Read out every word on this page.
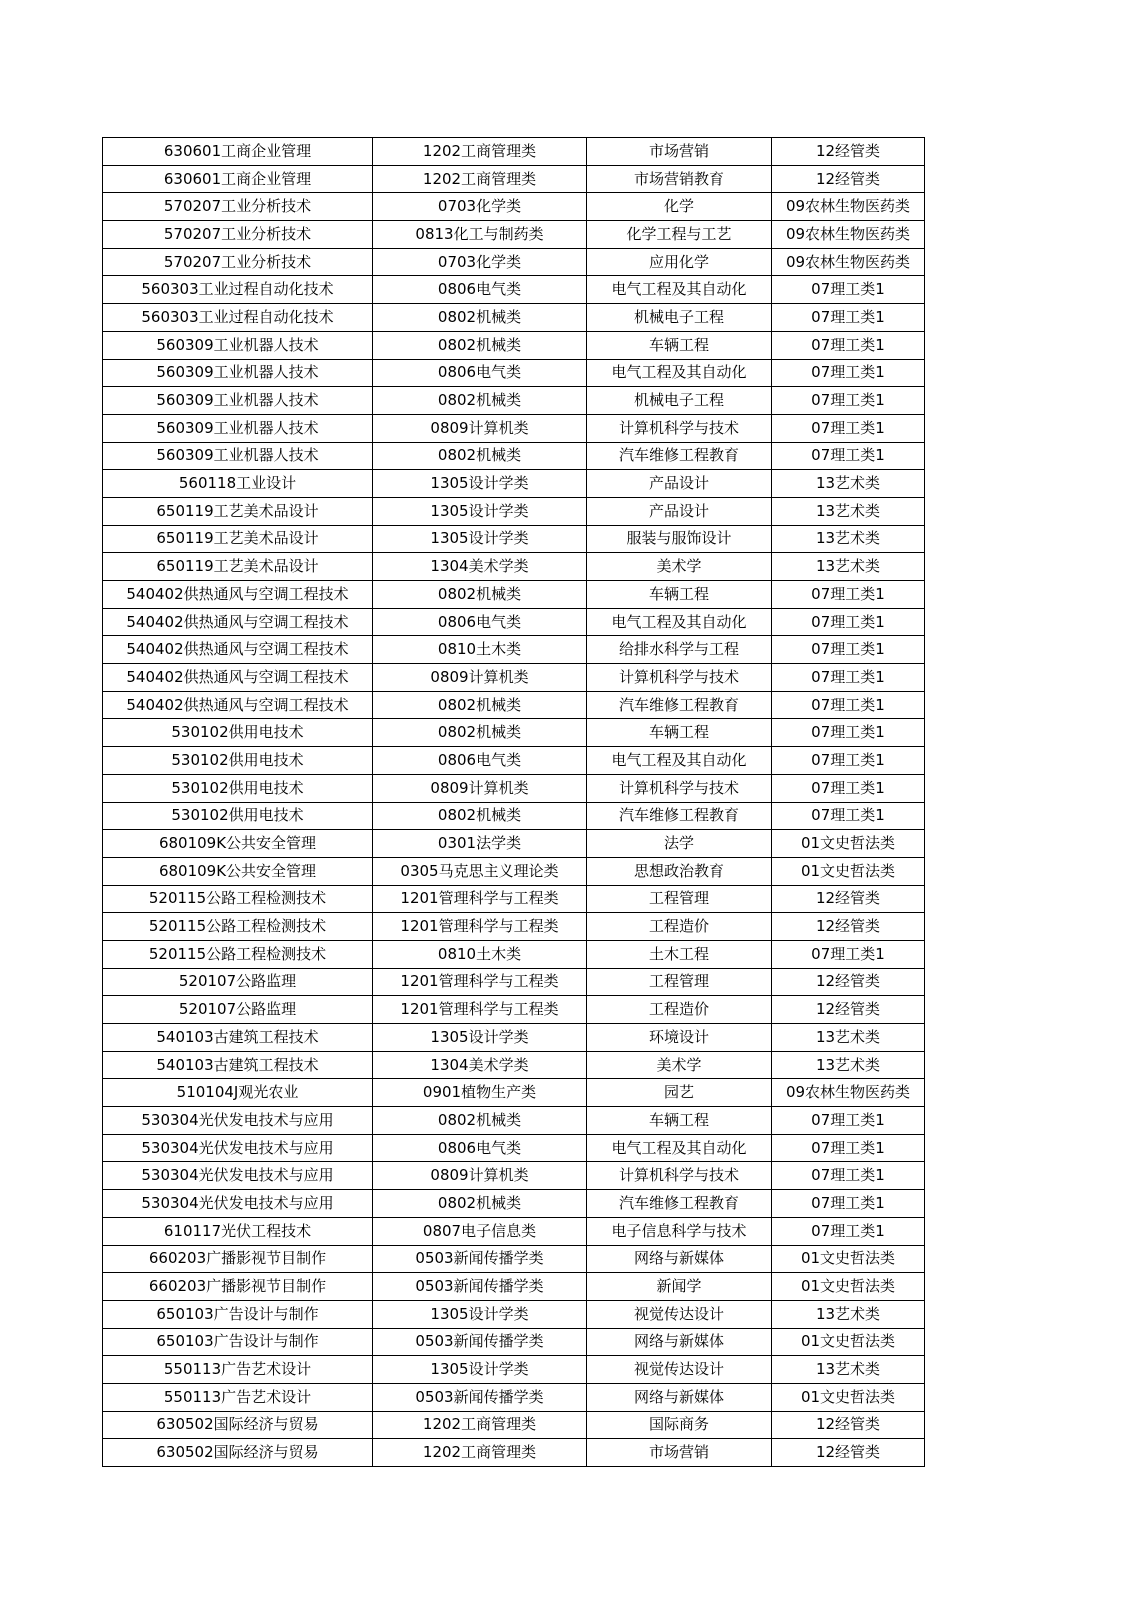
630601工商企业管理	1202工商管理类	市场营销	12经管类
630601工商企业管理	1202工商管理类	市场营销教育	12经管类
570207工业分析技术	0703化学类	化学	09农林生物医药类
570207工业分析技术	0813化工与制药类	化学工程与工艺	09农林生物医药类
570207工业分析技术	0703化学类	应用化学	09农林生物医药类
560303工业过程自动化技术	0806电气类	电气工程及其自动化	07理工类1
560303工业过程自动化技术	0802机械类	机械电子工程	07理工类1
560309工业机器人技术	0802机械类	车辆工程	07理工类1
560309工业机器人技术	0806电气类	电气工程及其自动化	07理工类1
560309工业机器人技术	0802机械类	机械电子工程	07理工类1
560309工业机器人技术	0809计算机类	计算机科学与技术	07理工类1
560309工业机器人技术	0802机械类	汽车维修工程教育	07理工类1
560118工业设计	1305设计学类	产品设计	13艺术类
650119工艺美术品设计	1305设计学类	产品设计	13艺术类
650119工艺美术品设计	1305设计学类	服装与服饰设计	13艺术类
650119工艺美术品设计	1304美术学类	美术学	13艺术类
540402供热通风与空调工程技术	0802机械类	车辆工程	07理工类1
540402供热通风与空调工程技术	0806电气类	电气工程及其自动化	07理工类1
540402供热通风与空调工程技术	0810土木类	给排水科学与工程	07理工类1
540402供热通风与空调工程技术	0809计算机类	计算机科学与技术	07理工类1
540402供热通风与空调工程技术	0802机械类	汽车维修工程教育	07理工类1
530102供用电技术	0802机械类	车辆工程	07理工类1
530102供用电技术	0806电气类	电气工程及其自动化	07理工类1
530102供用电技术	0809计算机类	计算机科学与技术	07理工类1
530102供用电技术	0802机械类	汽车维修工程教育	07理工类1
680109K公共安全管理	0301法学类	法学	01文史哲法类
680109K公共安全管理	0305马克思主义理论类	思想政治教育	01文史哲法类
520115公路工程检测技术	1201管理科学与工程类	工程管理	12经管类
520115公路工程检测技术	1201管理科学与工程类	工程造价	12经管类
520115公路工程检测技术	0810土木类	土木工程	07理工类1
520107公路监理	1201管理科学与工程类	工程管理	12经管类
520107公路监理	1201管理科学与工程类	工程造价	12经管类
540103古建筑工程技术	1305设计学类	环境设计	13艺术类
540103古建筑工程技术	1304美术学类	美术学	13艺术类
510104J观光农业	0901植物生产类	园艺	09农林生物医药类
530304光伏发电技术与应用	0802机械类	车辆工程	07理工类1
530304光伏发电技术与应用	0806电气类	电气工程及其自动化	07理工类1
530304光伏发电技术与应用	0809计算机类	计算机科学与技术	07理工类1
530304光伏发电技术与应用	0802机械类	汽车维修工程教育	07理工类1
610117光伏工程技术	0807电子信息类	电子信息科学与技术	07理工类1
660203广播影视节目制作	0503新闻传播学类	网络与新媒体	01文史哲法类
660203广播影视节目制作	0503新闻传播学类	新闻学	01文史哲法类
650103广告设计与制作	1305设计学类	视觉传达设计	13艺术类
650103广告设计与制作	0503新闻传播学类	网络与新媒体	01文史哲法类
550113广告艺术设计	1305设计学类	视觉传达设计	13艺术类
550113广告艺术设计	0503新闻传播学类	网络与新媒体	01文史哲法类
630502国际经济与贸易	1202工商管理类	国际商务	12经管类
630502国际经济与贸易	1202工商管理类	市场营销	12经管类
